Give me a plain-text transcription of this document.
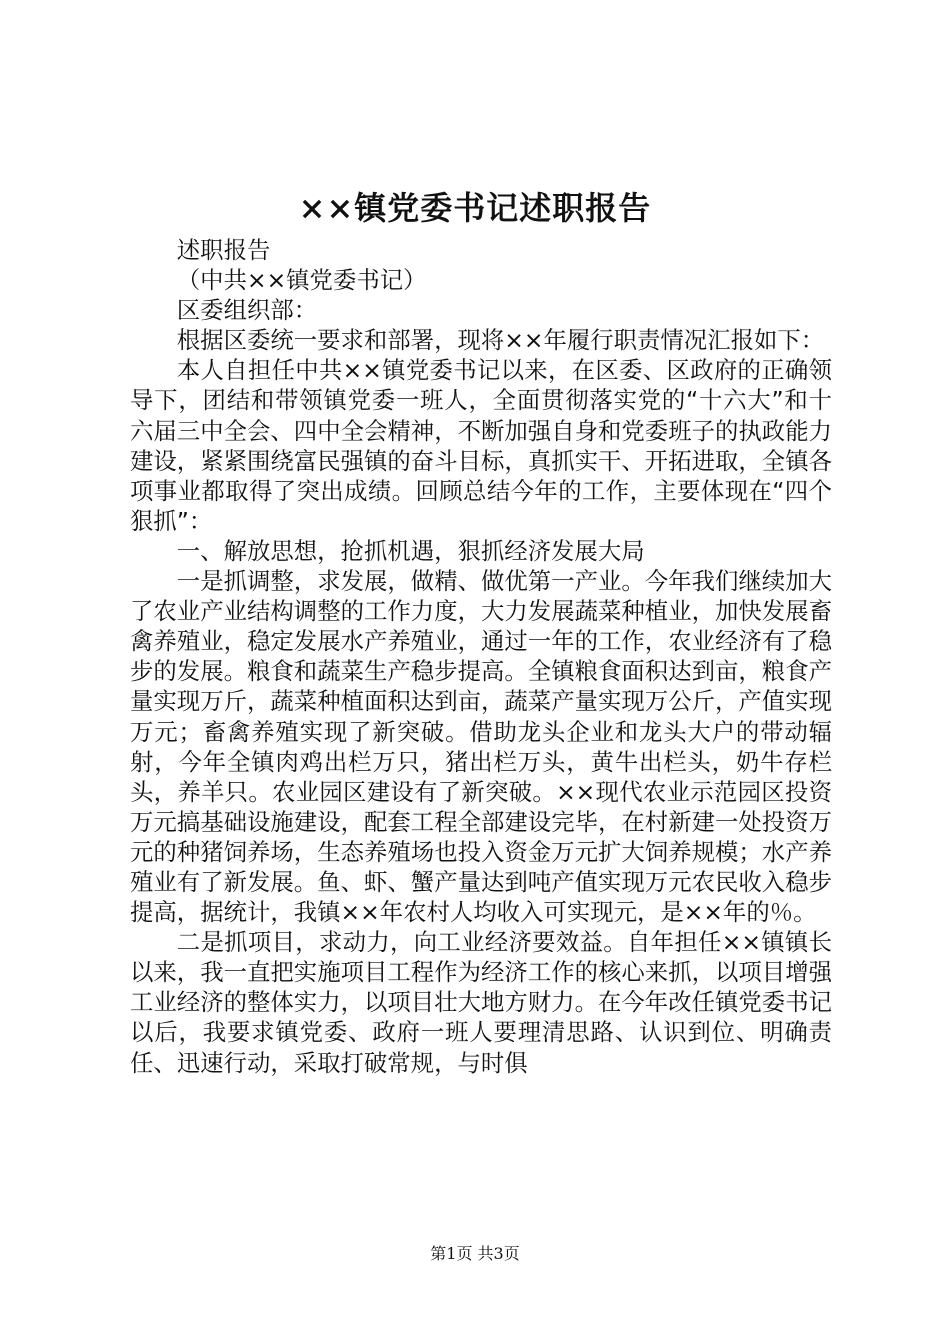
××镇党委书记述职报告

述职报告

（中共××镇党委书记）

区委组织部：

根据区委统一要求和部署，现将××年履行职责情况汇报如下：

本人自担任中共××镇党委书记以来，在区委、区政府的正确领导下，团结和带领镇党委一班人，全面贯彻落实党的“十六大”和十六届三中全会、四中全会精神，不断加强自身和党委班子的执政能力建设，紧紧围绕富民强镇的奋斗目标，真抓实干、开拓进取，全镇各项事业都取得了突出成绩。回顾总结今年的工作，主要体现在“四个狠抓”：

一、解放思想，抢抓机遇，狠抓经济发展大局

一是抓调整，求发展，做精、做优第一产业。今年我们继续加大了农业产业结构调整的工作力度，大力发展蔬菜种植业，加快发展畜禽养殖业，稳定发展水产养殖业，通过一年的工作，农业经济有了稳步的发展。粮食和蔬菜生产稳步提高。全镇粮食面积达到亩，粮食产量实现万斤，蔬菜种植面积达到亩，蔬菜产量实现万公斤，产值实现万元；畜禽养殖实现了新突破。借助龙头企业和龙头大户的带动辐射，今年全镇肉鸡出栏万只，猪出栏万头，黄牛出栏头，奶牛存栏头，养羊只。农业园区建设有了新突破。××现代农业示范园区投资万元搞基础设施建设，配套工程全部建设完毕，在村新建一处投资万元的种猪饲养场，生态养殖场也投入资金万元扩大饲养规模；水产养殖业有了新发展。鱼、虾、蟹产量达到吨产值实现万元农民收入稳步提高，据统计，我镇××年农村人均收入可实现元，是××年的％。

二是抓项目，求动力，向工业经济要效益。自年担任××镇镇长以来，我一直把实施项目工程作为经济工作的核心来抓，以项目增强工业经济的整体实力，以项目壮大地方财力。在今年改任镇党委书记以后，我要求镇党委、政府一班人要理清思路、认识到位、明确责任、迅速行动，采取打破常规，与时俱

第1页 共3页
